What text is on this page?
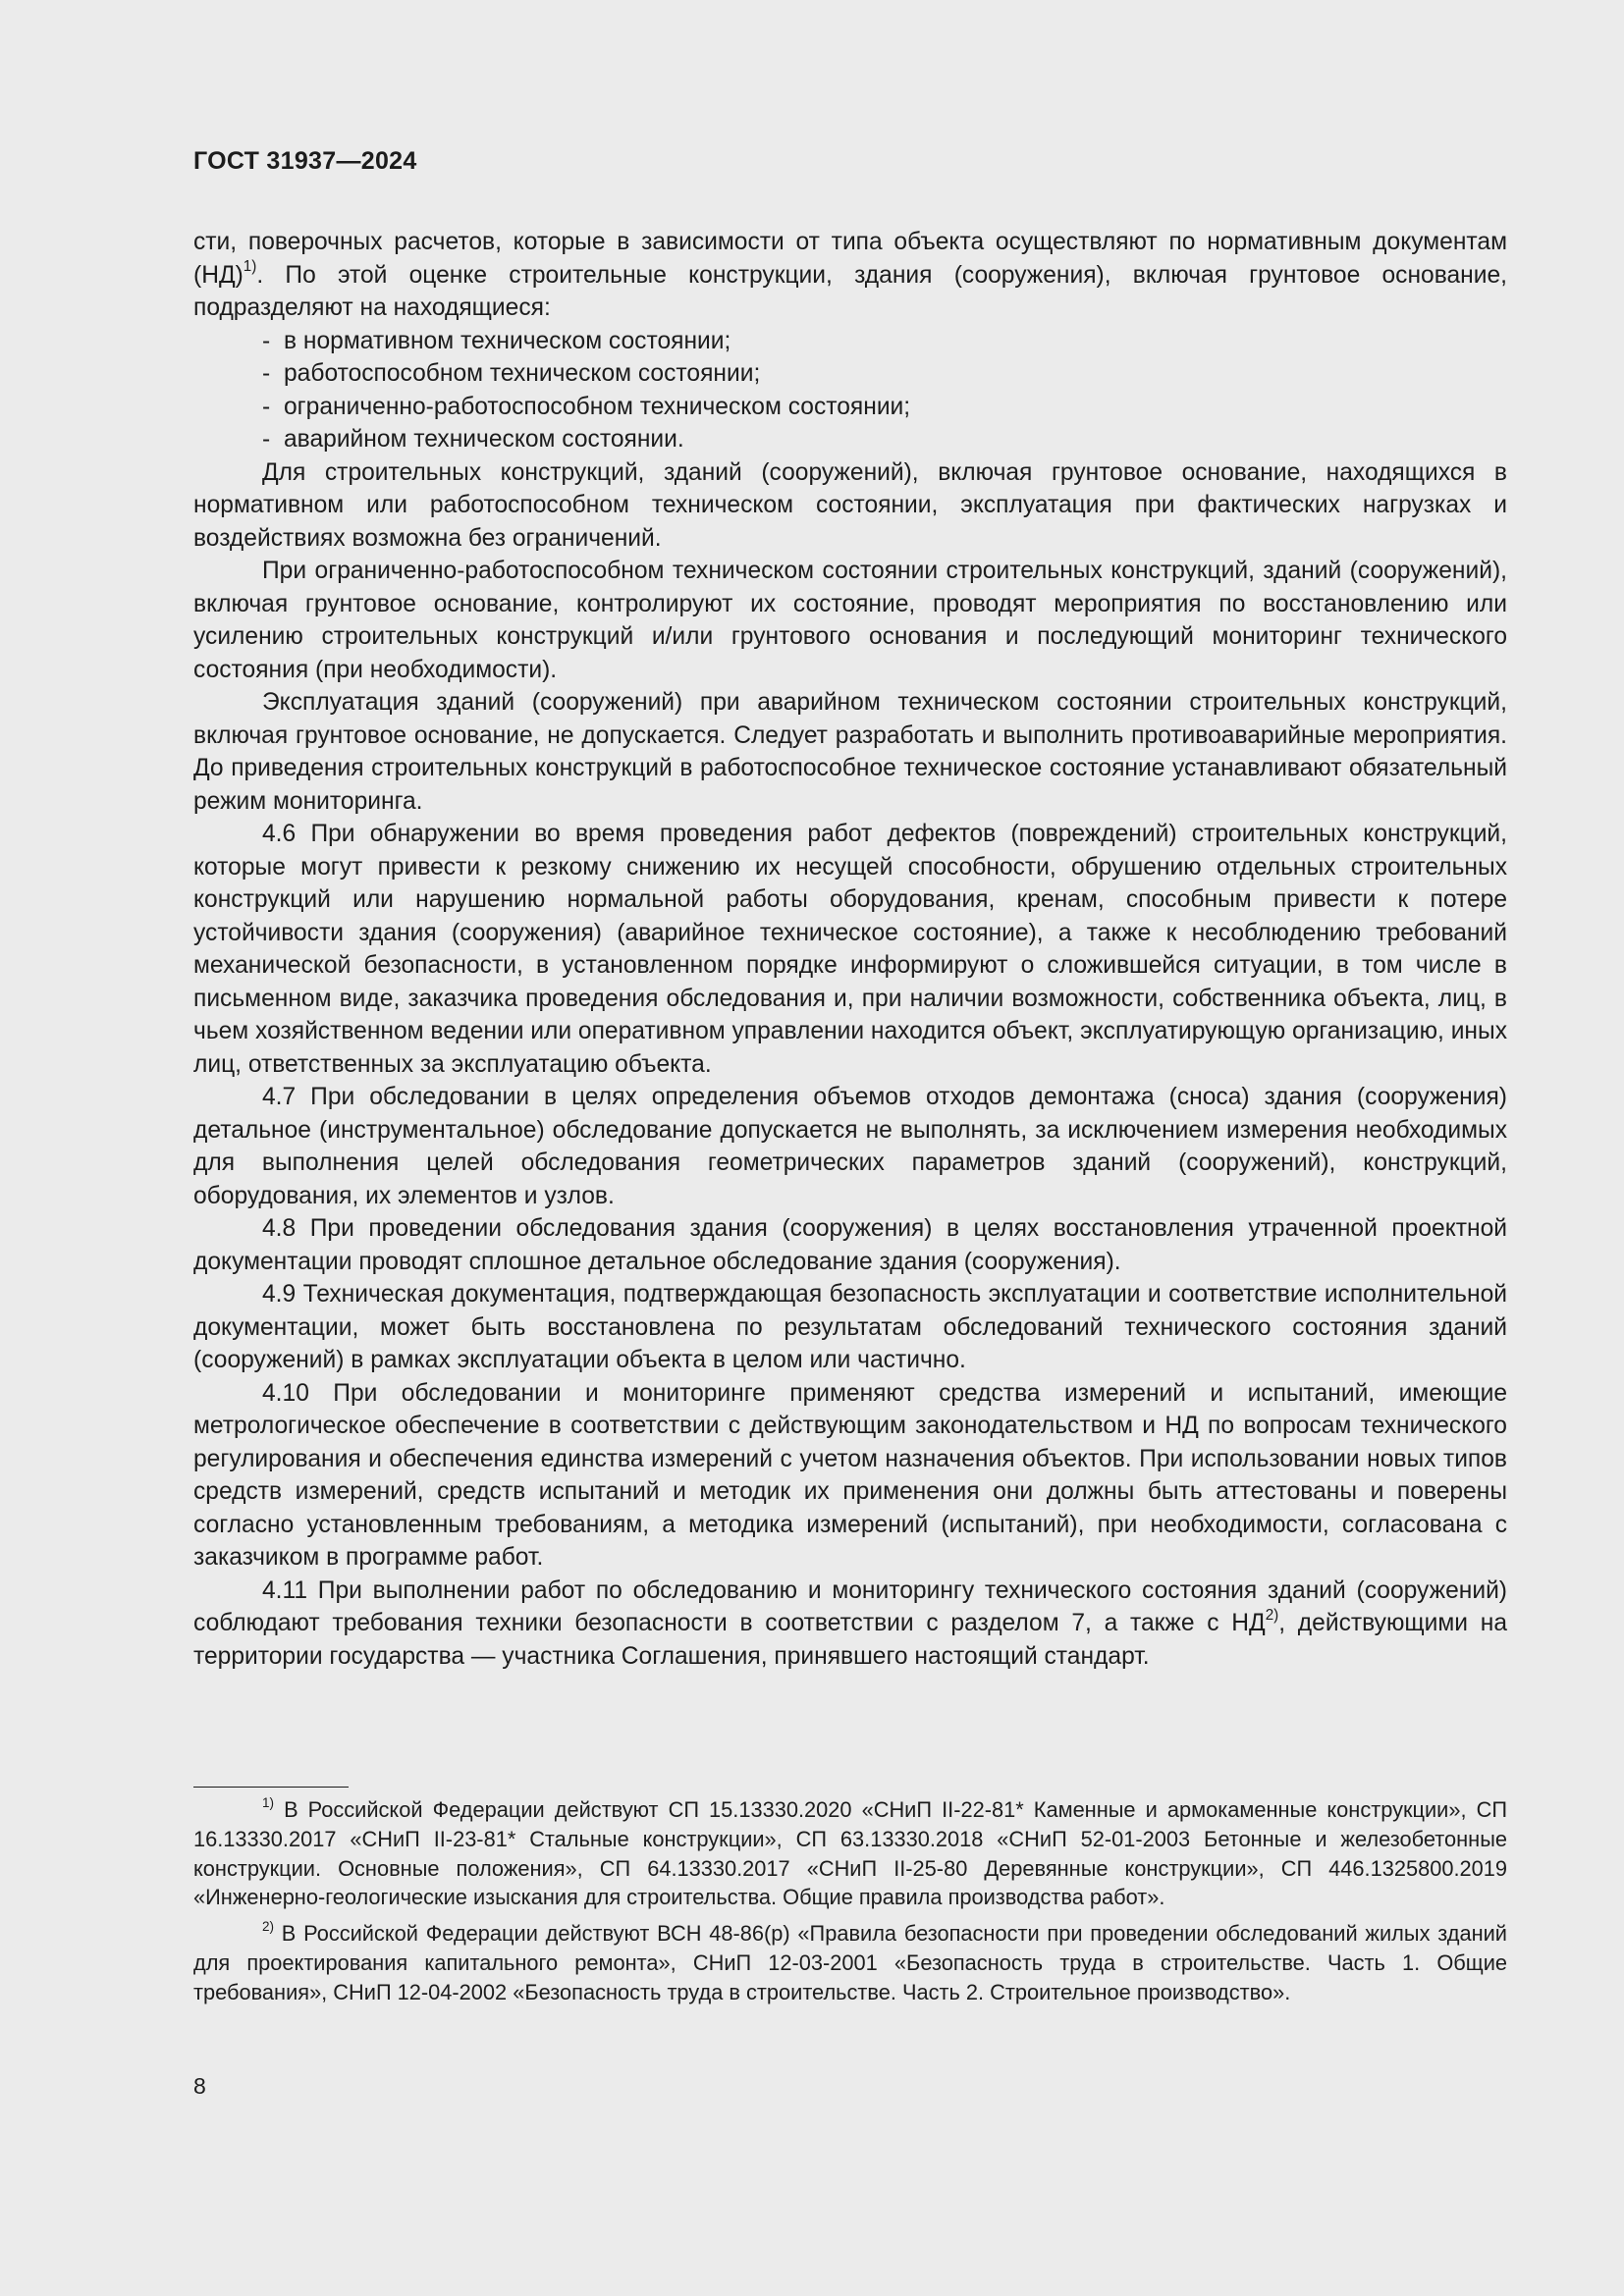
ГОСТ 31937—2024

сти, поверочных расчетов, которые в зависимости от типа объекта осуществляют по нормативным документам (НД)$^{1)}$. По этой оценке строительные конструкции, здания (сооружения), включая грунтовое основание, подразделяют на находящиеся:

- в нормативном техническом состоянии;
- работоспособном техническом состоянии;
- ограниченно-работоспособном техническом состоянии;
- аварийном техническом состоянии.

Для строительных конструкций, зданий (сооружений), включая грунтовое основание, находящихся в нормативном или работоспособном техническом состоянии, эксплуатация при фактических нагрузках и воздействиях возможна без ограничений.

При ограниченно-работоспособном техническом состоянии строительных конструкций, зданий (сооружений), включая грунтовое основание, контролируют их состояние, проводят мероприятия по восстановлению или усилению строительных конструкций и/или грунтового основания и последующий мониторинг технического состояния (при необходимости).

Эксплуатация зданий (сооружений) при аварийном техническом состоянии строительных конструкций, включая грунтовое основание, не допускается. Следует разработать и выполнить противоаварийные мероприятия. До приведения строительных конструкций в работоспособное техническое состояние устанавливают обязательный режим мониторинга.

4.6 При обнаружении во время проведения работ дефектов (повреждений) строительных конструкций, которые могут привести к резкому снижению их несущей способности, обрушению отдельных строительных конструкций или нарушению нормальной работы оборудования, кренам, способным привести к потере устойчивости здания (сооружения) (аварийное техническое состояние), а также к несоблюдению требований механической безопасности, в установленном порядке информируют о сложившейся ситуации, в том числе в письменном виде, заказчика проведения обследования и, при наличии возможности, собственника объекта, лиц, в чьем хозяйственном ведении или оперативном управлении находится объект, эксплуатирующую организацию, иных лиц, ответственных за эксплуатацию объекта.

4.7 При обследовании в целях определения объемов отходов демонтажа (сноса) здания (сооружения) детальное (инструментальное) обследование допускается не выполнять, за исключением измерения необходимых для выполнения целей обследования геометрических параметров зданий (сооружений), конструкций, оборудования, их элементов и узлов.

4.8 При проведении обследования здания (сооружения) в целях восстановления утраченной проектной документации проводят сплошное детальное обследование здания (сооружения).

4.9 Техническая документация, подтверждающая безопасность эксплуатации и соответствие исполнительной документации, может быть восстановлена по результатам обследований технического состояния зданий (сооружений) в рамках эксплуатации объекта в целом или частично.

4.10 При обследовании и мониторинге применяют средства измерений и испытаний, имеющие метрологическое обеспечение в соответствии с действующим законодательством и НД по вопросам технического регулирования и обеспечения единства измерений с учетом назначения объектов. При использовании новых типов средств измерений, средств испытаний и методик их применения они должны быть аттестованы и поверены согласно установленным требованиям, а методика измерений (испытаний), при необходимости, согласована с заказчиком в программе работ.

4.11 При выполнении работ по обследованию и мониторингу технического состояния зданий (сооружений) соблюдают требования техники безопасности в соответствии с разделом 7, а также с НД$^{2)}$, действующими на территории государства — участника Соглашения, принявшего настоящий стандарт.

$^{1)}$ В Российской Федерации действуют СП 15.13330.2020 «СНиП II-22-81* Каменные и армокаменные конструкции», СП 16.13330.2017 «СНиП II-23-81* Стальные конструкции», СП 63.13330.2018 «СНиП 52-01-2003 Бетонные и железобетонные конструкции. Основные положения», СП 64.13330.2017 «СНиП II-25-80 Деревянные конструкции», СП 446.1325800.2019 «Инженерно-геологические изыскания для строительства. Общие правила производства работ».

$^{2)}$ В Российской Федерации действуют ВСН 48-86(р) «Правила безопасности при проведении обследований жилых зданий для проектирования капитального ремонта», СНиП 12-03-2001 «Безопасность труда в строительстве. Часть 1. Общие требования», СНиП 12-04-2002 «Безопасность труда в строительстве. Часть 2. Строительное производство».

8
